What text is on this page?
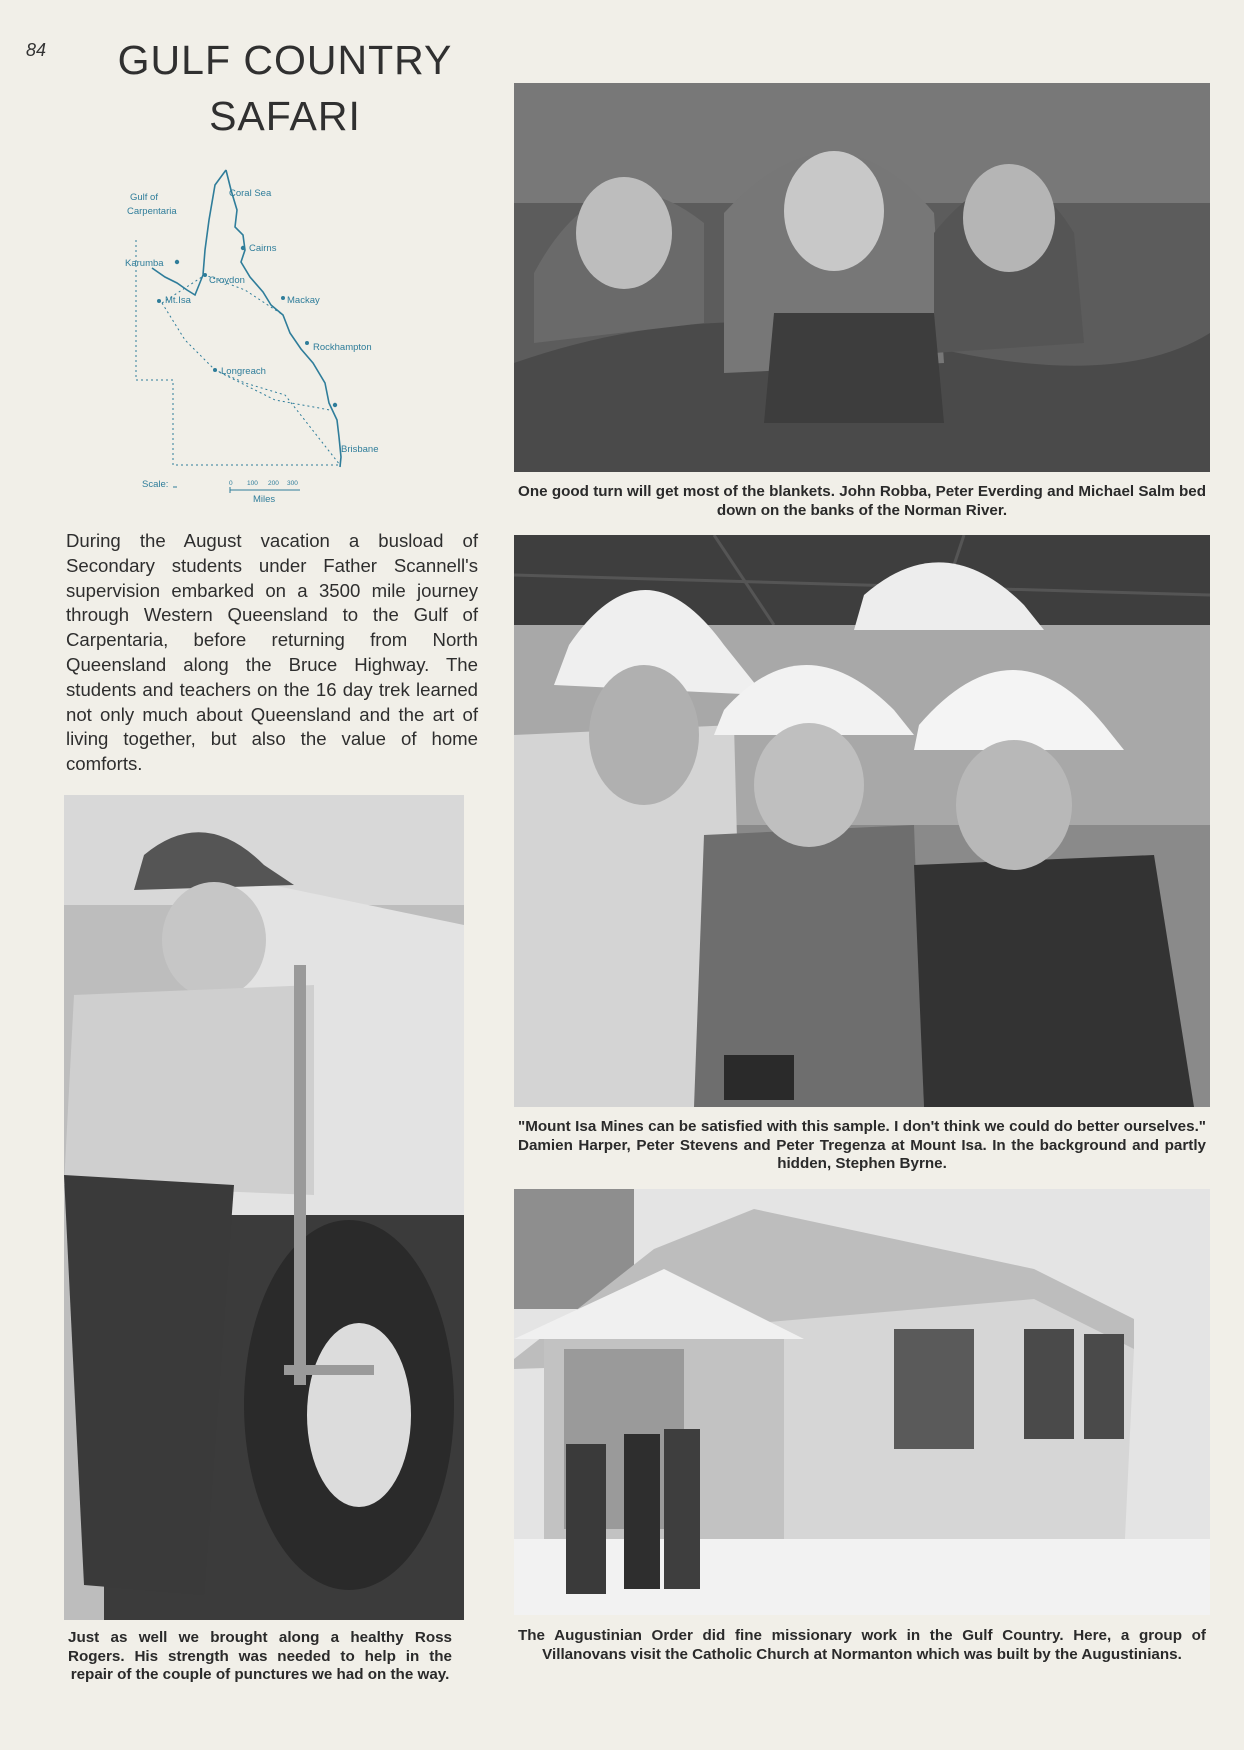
84	GULF COUNTRY
SAFARI
Gulf of
Carpentaria
Coral Sea
Cairns
Karumba
Croydon
Mt.Isa	Mackay
Rockhampton
Longreach
Brisbane
Scale:
Miles
0 100 200 300
During the August vacation a busload of Secondary students under Father Scannell's supervision embarked on a 3500 mile journey through Western Queensland to the Gulf of Carpentaria, before returning from North Queensland along the Bruce Highway. The students and teachers on the 16 day trek learned not only much about Queensland and the art of living together, but also the value of home comforts.
One good turn will get most of the blankets. John Robba, Peter Everding and Michael Salm bed down on the banks of the Norman River.
"Mount Isa Mines can be satisfied with this sample. I don't think we could do better ourselves." Damien Harper, Peter Stevens and Peter Tregenza at Mount Isa. In the background and partly hidden, Stephen Byrne.
Just as well we brought along a healthy Ross Rogers. His strength was needed to help in the repair of the couple of punctures we had on the way.
The Augustinian Order did fine missionary work in the Gulf Country. Here, a group of Villanovans visit the Catholic Church at Normanton which was built by the Augustinians.
